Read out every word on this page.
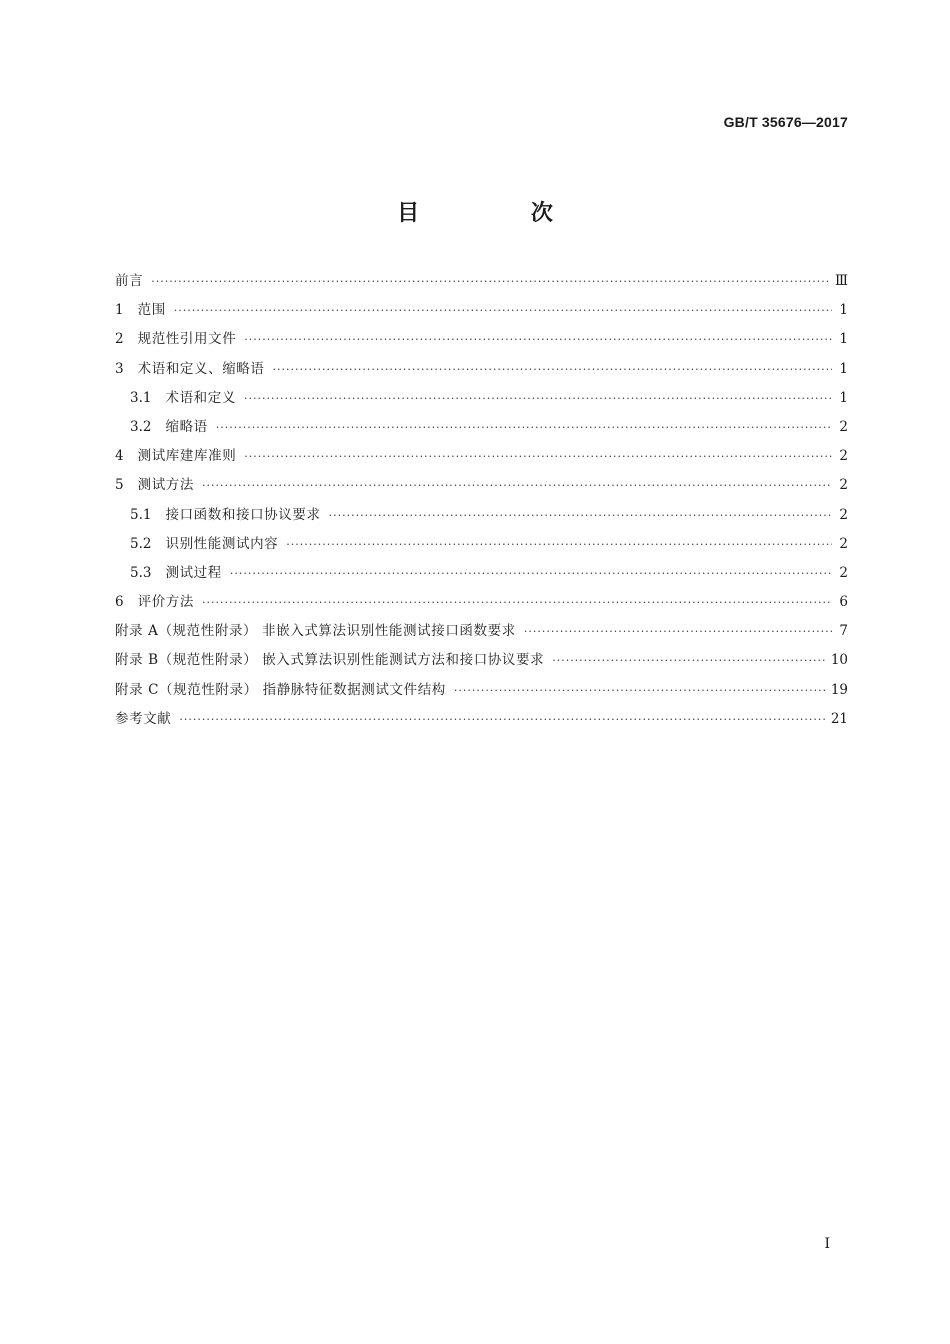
GB/T 35676—2017
目 次
前言 ·····	Ⅲ
1 范围 ·····	1
2 规范性引用文件 ·····	1
3 术语和定义、缩略语 ·····	1
3.1 术语和定义 ·····	1
3.2 缩略语 ·····	2
4 测试库建库准则 ·····	2
5 测试方法 ·····	2
5.1 接口函数和接口协议要求 ·····	2
5.2 识别性能测试内容 ·····	2
5.3 测试过程 ·····	2
6 评价方法 ·····	6
附录 A（规范性附录） 非嵌入式算法识别性能测试接口函数要求 ·····	7
附录 B（规范性附录） 嵌入式算法识别性能测试方法和接口协议要求 ·····	10
附录 C（规范性附录） 指静脉特征数据测试文件结构 ·····	19
参考文献 ·····	21
I
